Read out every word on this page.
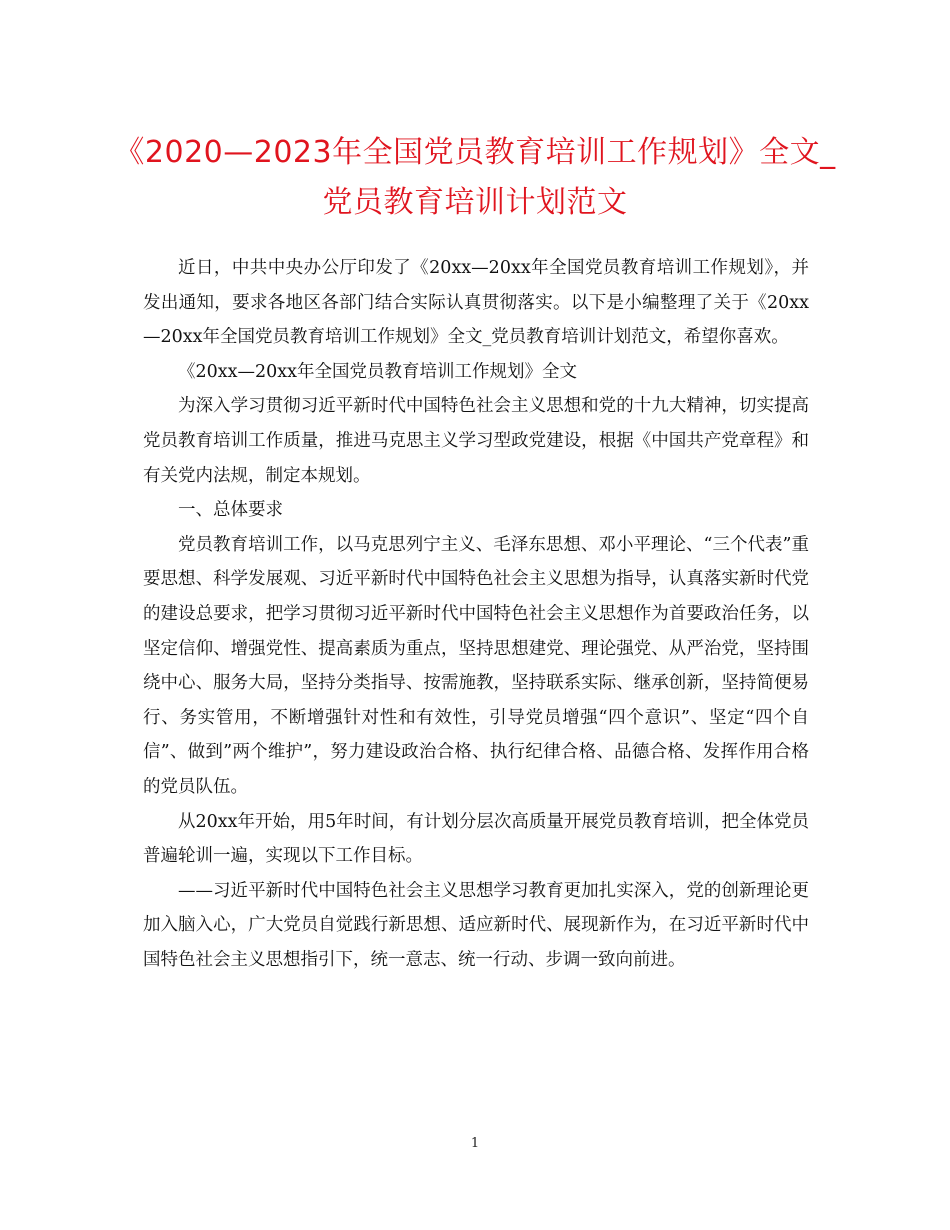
《2020—2023年全国党员教育培训工作规划》全文_
党员教育培训计划范文

近日，中共中央办公厅印发了《20xx—20xx年全国党员教育培训工作规划》，并发出通知，要求各地区各部门结合实际认真贯彻落实。以下是小编整理了关于《20xx—20xx年全国党员教育培训工作规划》全文_党员教育培训计划范文，希望你喜欢。

《20xx—20xx年全国党员教育培训工作规划》全文

为深入学习贯彻习近平新时代中国特色社会主义思想和党的十九大精神，切实提高党员教育培训工作质量，推进马克思主义学习型政党建设，根据《中国共产党章程》和有关党内法规，制定本规划。

一、总体要求

党员教育培训工作，以马克思列宁主义、毛泽东思想、邓小平理论、“三个代表”重要思想、科学发展观、习近平新时代中国特色社会主义思想为指导，认真落实新时代党的建设总要求，把学习贯彻习近平新时代中国特色社会主义思想作为首要政治任务，以坚定信仰、增强党性、提高素质为重点，坚持思想建党、理论强党、从严治党，坚持围绕中心、服务大局，坚持分类指导、按需施教，坚持联系实际、继承创新，坚持简便易行、务实管用，不断增强针对性和有效性，引导党员增强“四个意识”、坚定“四个自信”、做到”两个维护”，努力建设政治合格、执行纪律合格、品德合格、发挥作用合格的党员队伍。

从20xx年开始，用5年时间，有计划分层次高质量开展党员教育培训，把全体党员普遍轮训一遍，实现以下工作目标。

——习近平新时代中国特色社会主义思想学习教育更加扎实深入，党的创新理论更加入脑入心，广大党员自觉践行新思想、适应新时代、展现新作为，在习近平新时代中国特色社会主义思想指引下，统一意志、统一行动、步调一致向前进。

1
